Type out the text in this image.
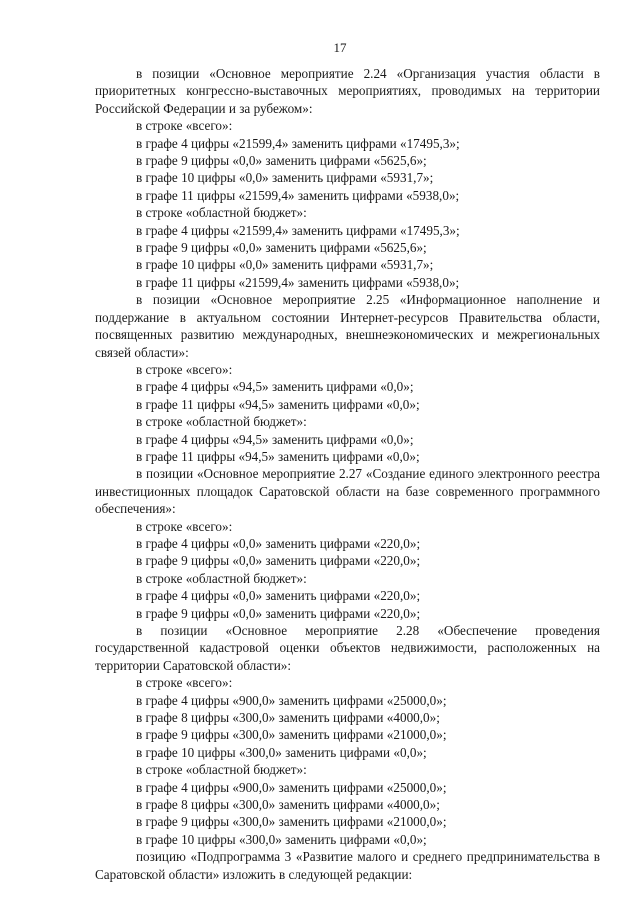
17

в позиции «Основное мероприятие 2.24 «Организация участия области в приоритетных конгрессно-выставочных мероприятиях, проводимых на территории Российской Федерации и за рубежом»:

в строке «всего»:

в графе 4 цифры «21599,4» заменить цифрами «17495,3»;

в графе 9 цифры «0,0» заменить цифрами «5625,6»;

в графе 10 цифры «0,0» заменить цифрами «5931,7»;

в графе 11 цифры «21599,4» заменить цифрами «5938,0»;

в строке «областной бюджет»:

в графе 4 цифры «21599,4» заменить цифрами «17495,3»;

в графе 9 цифры «0,0» заменить цифрами «5625,6»;

в графе 10 цифры «0,0» заменить цифрами «5931,7»;

в графе 11 цифры «21599,4» заменить цифрами «5938,0»;

в позиции «Основное мероприятие 2.25 «Информационное наполнение и поддержание в актуальном состоянии Интернет-ресурсов Правительства области, посвященных развитию международных, внешнеэкономических и межрегиональных связей области»:

в строке «всего»:

в графе 4 цифры «94,5» заменить цифрами «0,0»;

в графе 11 цифры «94,5» заменить цифрами «0,0»;

в строке «областной бюджет»:

в графе 4 цифры «94,5» заменить цифрами «0,0»;

в графе 11 цифры «94,5» заменить цифрами «0,0»;

в позиции «Основное мероприятие 2.27 «Создание единого электронного реестра инвестиционных площадок Саратовской области на базе современного программного обеспечения»:

в строке «всего»:

в графе 4 цифры «0,0» заменить цифрами «220,0»;

в графе 9 цифры «0,0» заменить цифрами «220,0»;

в строке «областной бюджет»:

в графе 4 цифры «0,0» заменить цифрами «220,0»;

в графе 9 цифры «0,0» заменить цифрами «220,0»;

в позиции «Основное мероприятие 2.28 «Обеспечение проведения государственной кадастровой оценки объектов недвижимости, расположенных на территории Саратовской области»:

в строке «всего»:

в графе 4 цифры «900,0» заменить цифрами «25000,0»;

в графе 8 цифры «300,0» заменить цифрами «4000,0»;

в графе 9 цифры «300,0» заменить цифрами «21000,0»;

в графе 10 цифры «300,0» заменить цифрами «0,0»;

в строке «областной бюджет»:

в графе 4 цифры «900,0» заменить цифрами «25000,0»;

в графе 8 цифры «300,0» заменить цифрами «4000,0»;

в графе 9 цифры «300,0» заменить цифрами «21000,0»;

в графе 10 цифры «300,0» заменить цифрами «0,0»;

позицию «Подпрограмма 3 «Развитие малого и среднего предпринимательства в Саратовской области» изложить в следующей редакции:
